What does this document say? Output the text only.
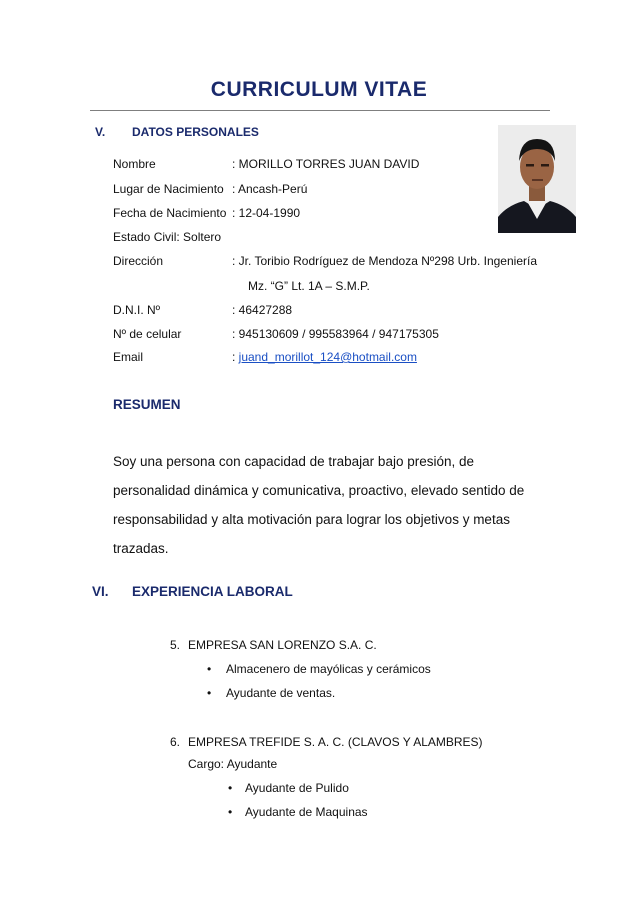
CURRICULUM VITAE
V. DATOS PERSONALES
Nombre	: MORILLO TORRES JUAN DAVID
Lugar de Nacimiento : Ancash-Perú
Fecha de Nacimiento : 12-04-1990
Estado Civil: Soltero
Dirección	: Jr. Toribio Rodríguez de Mendoza Nº298 Urb. Ingeniería
Mz. “G” Lt. 1A – S.M.P.
D.N.I. Nº	: 46427288
Nº de celular	: 945130609 / 995583964 / 947175305
Email	: juand_morillot_124@hotmail.com
RESUMEN
Soy una persona con capacidad de trabajar bajo presión, de
personalidad dinámica y comunicativa, proactivo, elevado sentido de
responsabilidad y alta motivación para lograr los objetivos y metas
trazadas.
VI. EXPERIENCIA LABORAL
5. EMPRESA SAN LORENZO S.A. C.
• Almacenero de mayólicas y cerámicos
• Ayudante de ventas.
6. EMPRESA TREFIDE S. A. C. (CLAVOS Y ALAMBRES)
Cargo: Ayudante
• Ayudante de Pulido
• Ayudante de Maquinas
